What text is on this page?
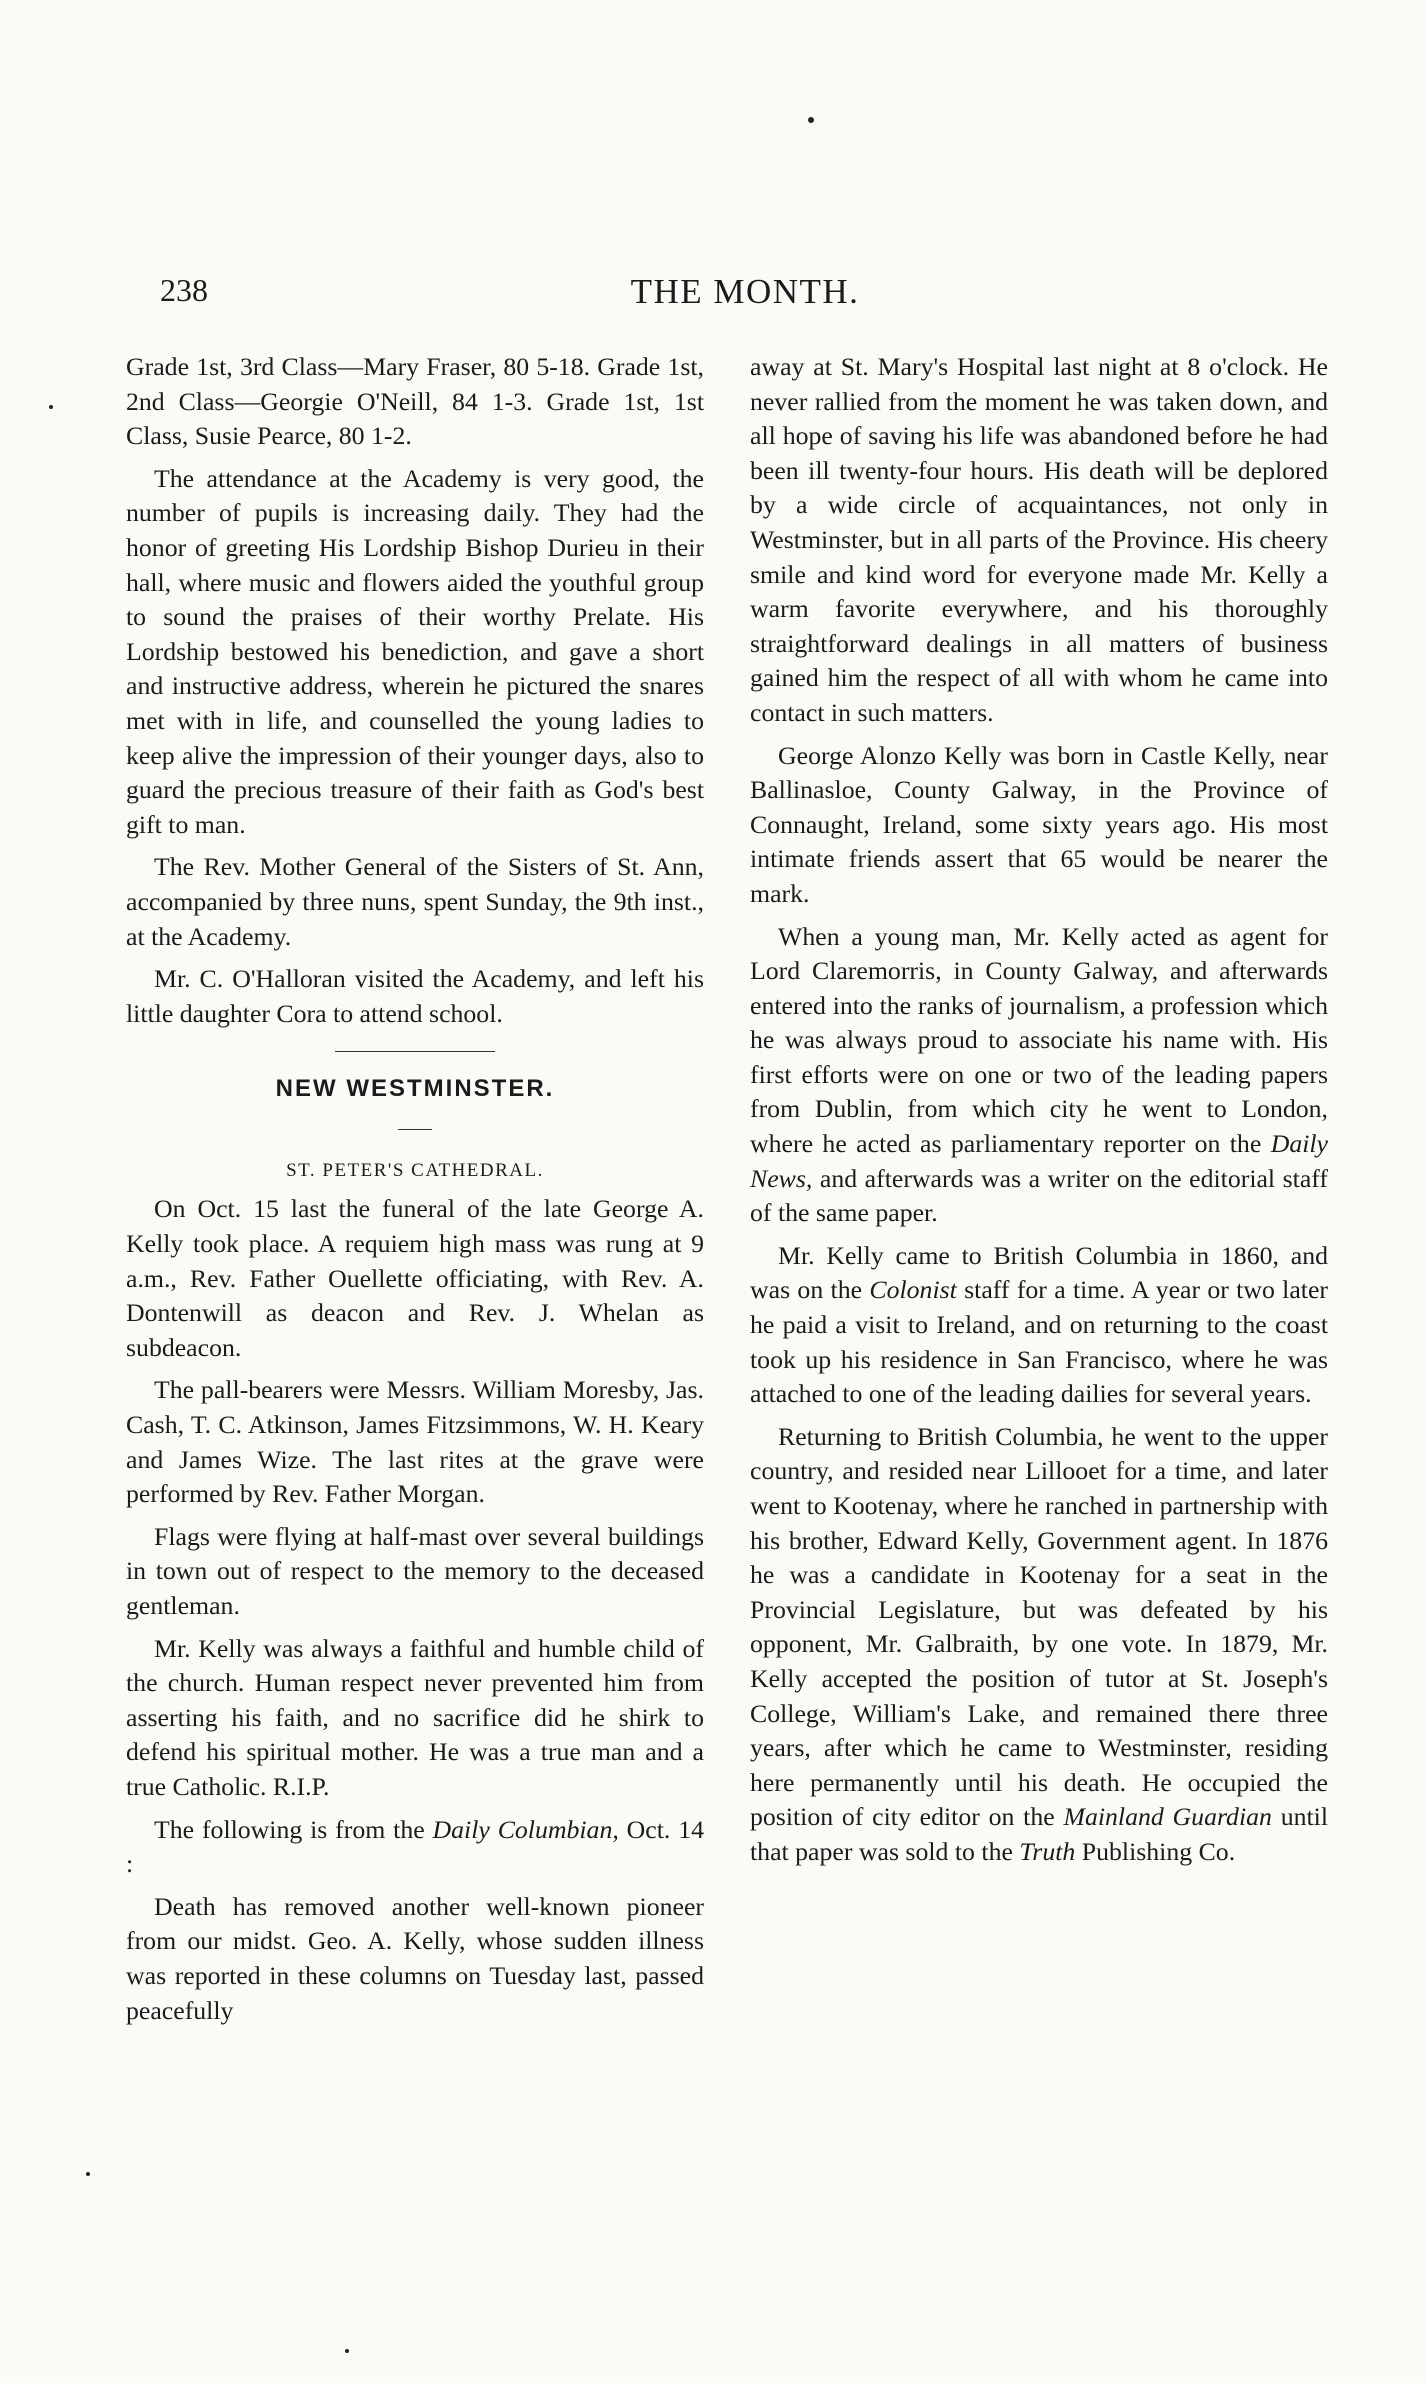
238	THE MONTH.

Grade 1st, 3rd Class—Mary Fraser, 80 5-18. Grade 1st, 2nd Class—Georgie O'Neill, 84 1-3. Grade 1st, 1st Class, Susie Pearce, 80 1-2.

The attendance at the Academy is very good, the number of pupils is increasing daily. They had the honor of greeting His Lordship Bishop Durieu in their hall, where music and flowers aided the youthful group to sound the praises of their worthy Prelate. His Lordship bestowed his benediction, and gave a short and instructive address, wherein he pictured the snares met with in life, and counselled the young ladies to keep alive the impression of their younger days, also to guard the precious treasure of their faith as God's best gift to man.

The Rev. Mother General of the Sisters of St. Ann, accompanied by three nuns, spent Sunday, the 9th inst., at the Academy.

Mr. C. O'Halloran visited the Academy, and left his little daughter Cora to attend school.

NEW WESTMINSTER.

ST. PETER'S CATHEDRAL.

On Oct. 15 last the funeral of the late George A. Kelly took place. A requiem high mass was rung at 9 a.m., Rev. Father Ouellette officiating, with Rev. A. Dontenwill as deacon and Rev. J. Whelan as subdeacon.

The pall-bearers were Messrs. William Moresby, Jas. Cash, T. C. Atkinson, James Fitzsimmons, W. H. Keary and James Wize. The last rites at the grave were performed by Rev. Father Morgan.

Flags were flying at half-mast over several buildings in town out of respect to the memory to the deceased gentleman.

Mr. Kelly was always a faithful and humble child of the church. Human respect never prevented him from asserting his faith, and no sacrifice did he shirk to defend his spiritual mother. He was a true man and a true Catholic. R.I.P.

The following is from the Daily Columbian, Oct. 14 :

Death has removed another well-known pioneer from our midst. Geo. A. Kelly, whose sudden illness was reported in these columns on Tuesday last, passed peacefully

away at St. Mary's Hospital last night at 8 o'clock. He never rallied from the moment he was taken down, and all hope of saving his life was abandoned before he had been ill twenty-four hours. His death will be deplored by a wide circle of acquaintances, not only in Westminster, but in all parts of the Province. His cheery smile and kind word for everyone made Mr. Kelly a warm favorite everywhere, and his thoroughly straightforward dealings in all matters of business gained him the respect of all with whom he came into contact in such matters.

George Alonzo Kelly was born in Castle Kelly, near Ballinasloe, County Galway, in the Province of Connaught, Ireland, some sixty years ago. His most intimate friends assert that 65 would be nearer the mark.

When a young man, Mr. Kelly acted as agent for Lord Claremorris, in County Galway, and afterwards entered into the ranks of journalism, a profession which he was always proud to associate his name with. His first efforts were on one or two of the leading papers from Dublin, from which city he went to London, where he acted as parliamentary reporter on the Daily News, and afterwards was a writer on the editorial staff of the same paper.

Mr. Kelly came to British Columbia in 1860, and was on the Colonist staff for a time. A year or two later he paid a visit to Ireland, and on returning to the coast took up his residence in San Francisco, where he was attached to one of the leading dailies for several years.

Returning to British Columbia, he went to the upper country, and resided near Lillooet for a time, and later went to Kootenay, where he ranched in partnership with his brother, Edward Kelly, Government agent. In 1876 he was a candidate in Kootenay for a seat in the Provincial Legislature, but was defeated by his opponent, Mr. Galbraith, by one vote. In 1879, Mr. Kelly accepted the position of tutor at St. Joseph's College, William's Lake, and remained there three years, after which he came to Westminster, residing here permanently until his death. He occupied the position of city editor on the Mainland Guardian until that paper was sold to the Truth Publishing Co.
